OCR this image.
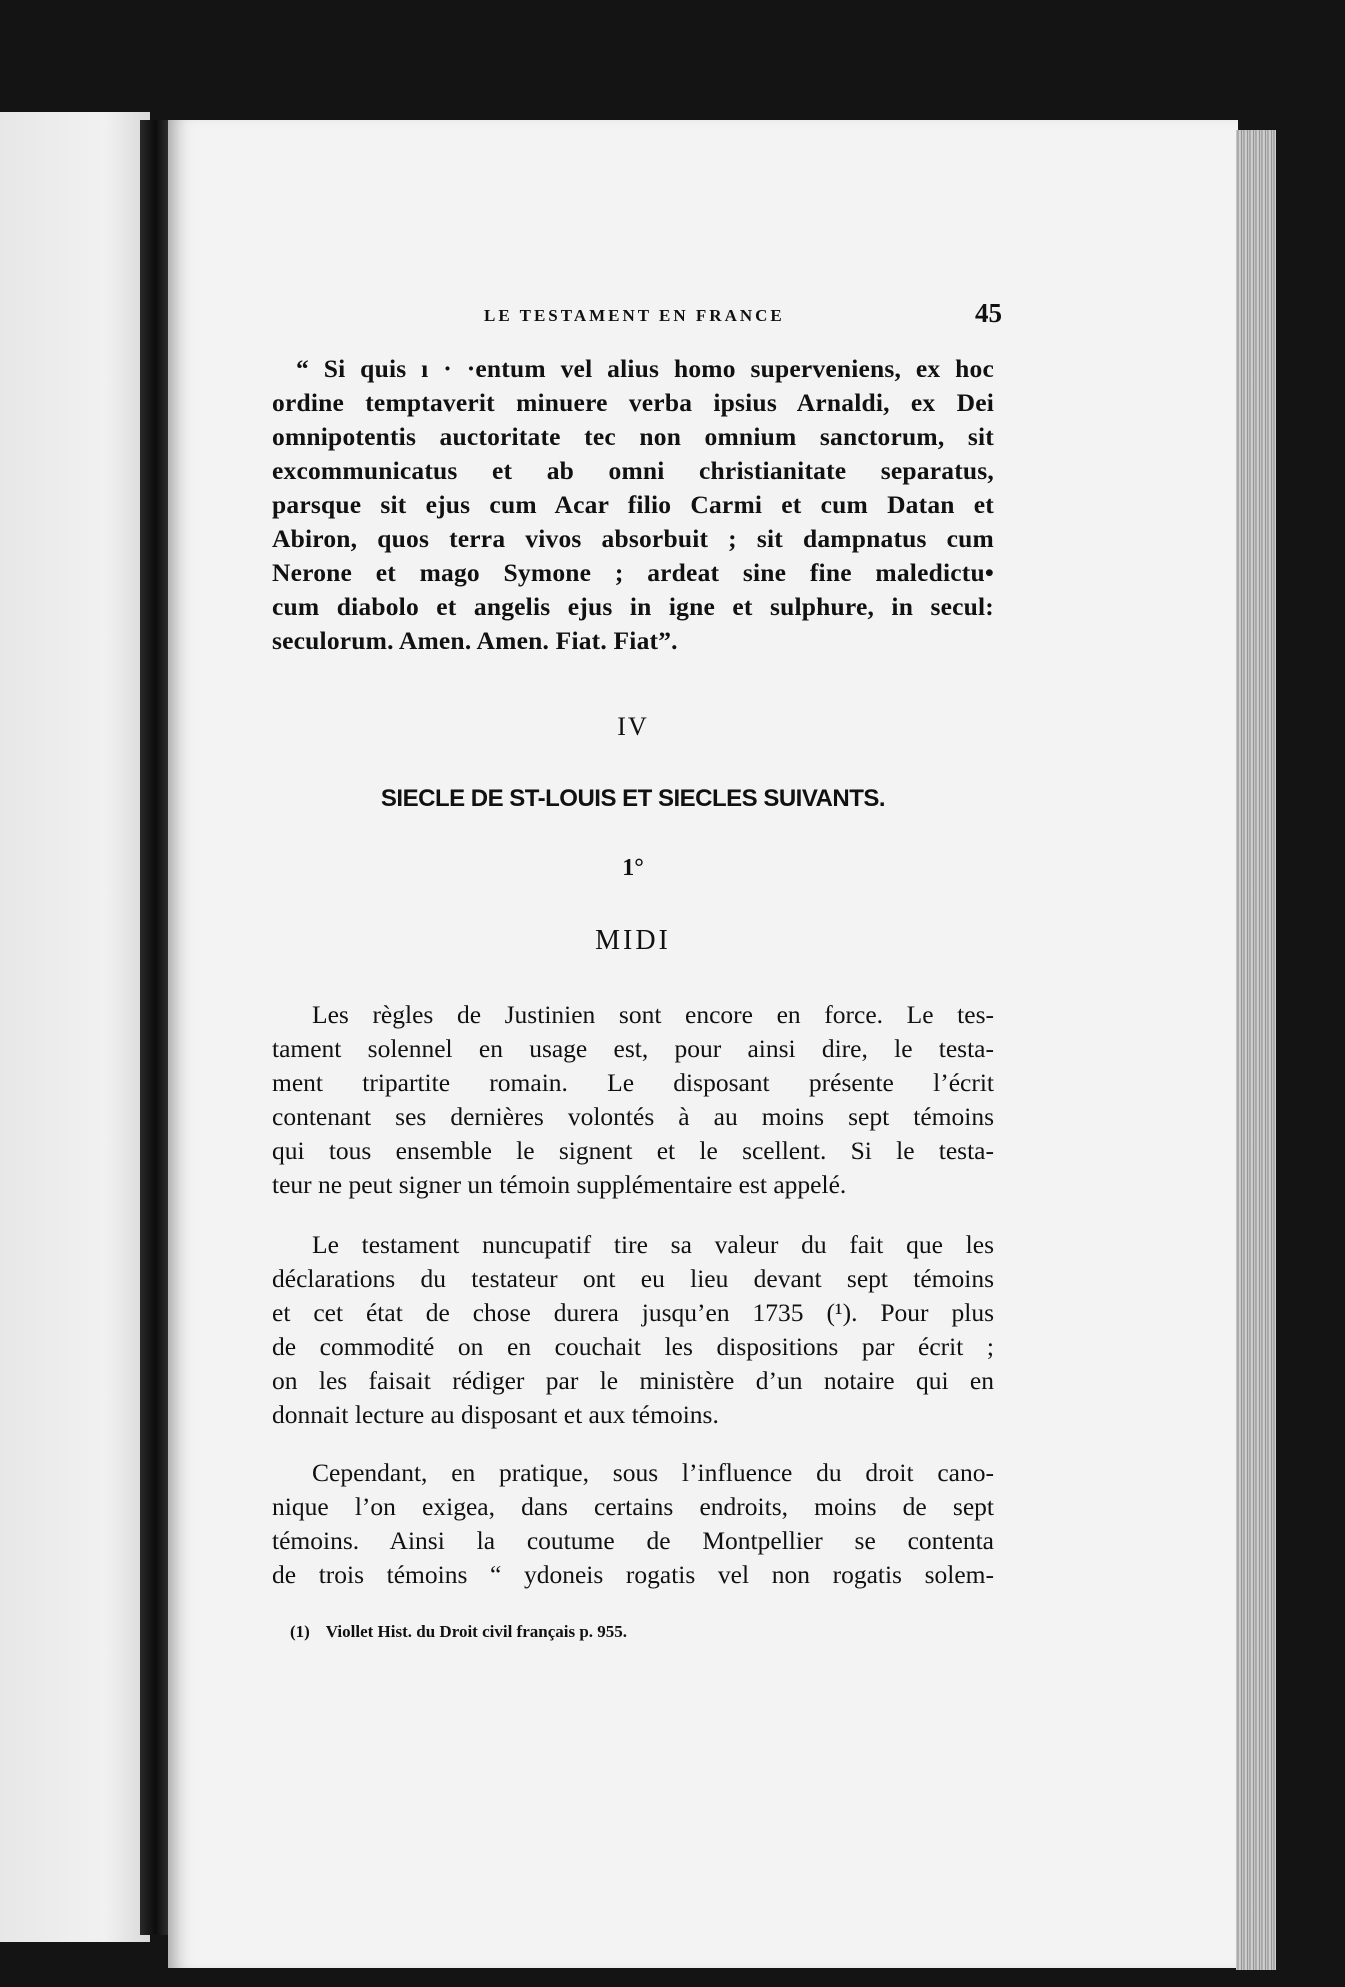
LE TESTAMENT EN FRANCE	45
“ Si quis ı · ·entum vel alius homo superveniens, ex hoc
ordine temptaverit minuere verba ipsius Arnaldi, ex Dei
omnipotentis auctoritate tec non omnium sanctorum, sit
excommunicatus et ab omni christianitate separatus,
parsque sit ejus cum Acar filio Carmi et cum Datan et
Abiron, quos terra vivos absorbuit ; sit dampnatus cum
Nerone et mago Symone ; ardeat sine fine maledictu•
cum diabolo et angelis ejus in igne et sulphure, in secul:
seculorum. Amen. Amen. Fiat. Fiat”.
IV
SIECLE DE ST-LOUIS ET SIECLES SUIVANTS.
1°
MIDI
Les règles de Justinien sont encore en force. Le tes-
tament solennel en usage est, pour ainsi dire, le testa-
ment tripartite romain. Le disposant présente l’écrit
contenant ses dernières volontés à au moins sept témoins
qui tous ensemble le signent et le scellent. Si le testa-
teur ne peut signer un témoin supplémentaire est appelé.
Le testament nuncupatif tire sa valeur du fait que les
déclarations du testateur ont eu lieu devant sept témoins
et cet état de chose durera jusqu’en 1735 (¹). Pour plus
de commodité on en couchait les dispositions par écrit ;
on les faisait rédiger par le ministère d’un notaire qui en
donnait lecture au disposant et aux témoins.
Cependant, en pratique, sous l’influence du droit cano-
nique l’on exigea, dans certains endroits, moins de sept
témoins. Ainsi la coutume de Montpellier se contenta
de trois témoins “ ydoneis rogatis vel non rogatis solem-
(1) Viollet Hist. du Droit civil français p. 955.
